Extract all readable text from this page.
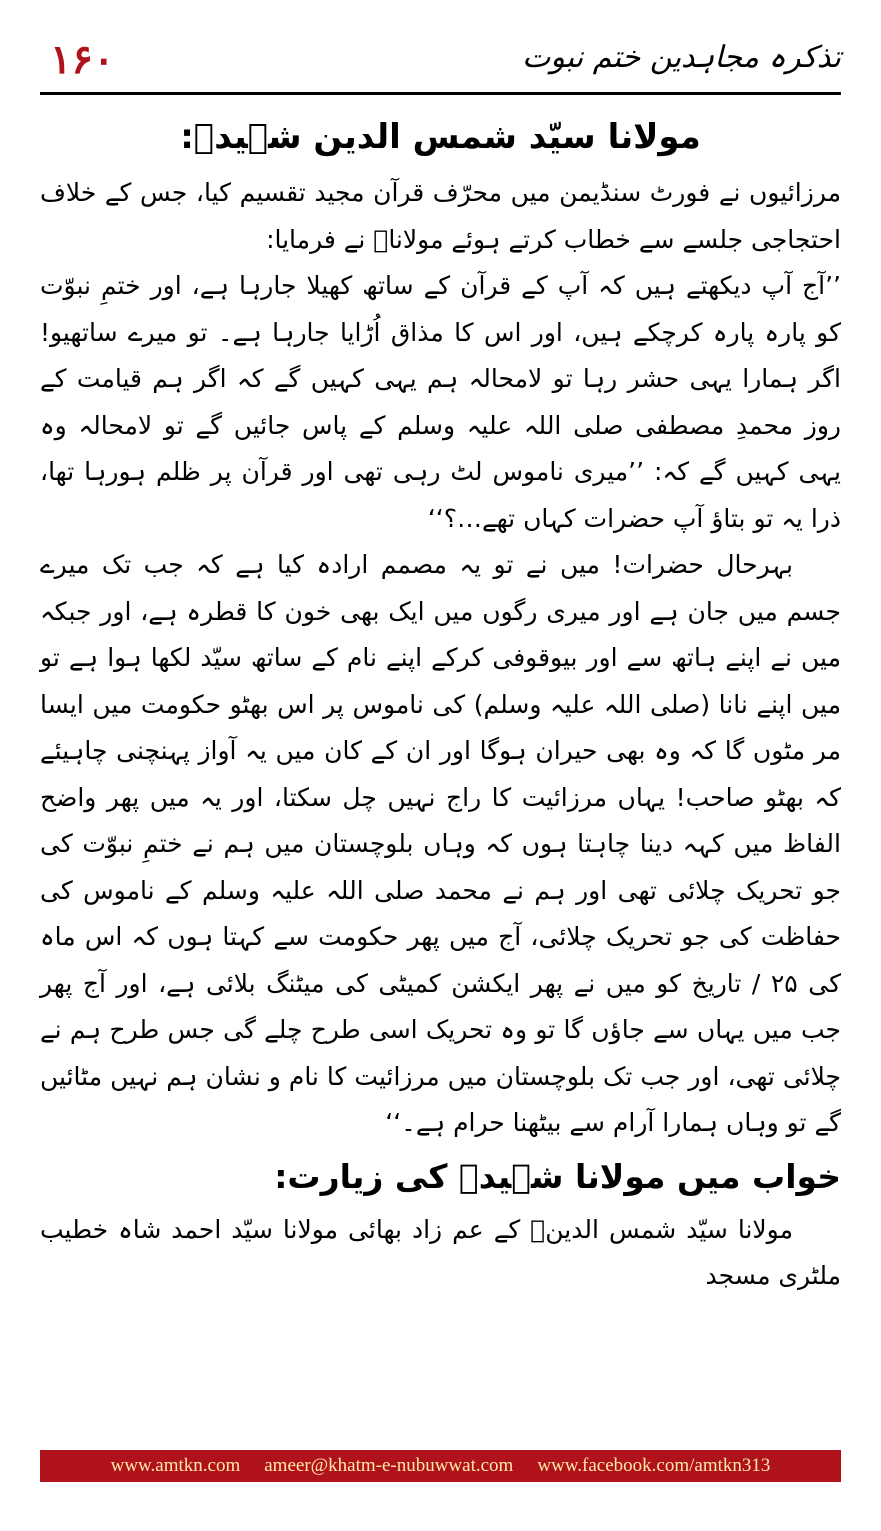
۱۶۰	تذکرہ مجاہدین ختم نبوت
مولانا سیّد شمس الدین شہیدؒ:

مرزائیوں نے فورٹ سنڈیمن میں محرّف قرآن مجید تقسیم کیا، جس کے خلاف احتجاجی جلسے سے خطاب کرتے ہوئے مولاناؒ نے فرمایا:

’’آج آپ دیکھتے ہیں کہ آپ کے قرآن کے ساتھ کھیلا جارہا ہے، اور ختمِ نبوّت کو پارہ پارہ کرچکے ہیں، اور اس کا مذاق اُڑایا جارہا ہے۔ تو میرے ساتھیو! اگر ہمارا یہی حشر رہا تو لامحالہ ہم یہی کہیں گے کہ اگر ہم قیامت کے روز محمدِ مصطفی صلی اللہ علیہ وسلم کے پاس جائیں گے تو لامحالہ وہ یہی کہیں گے کہ: ’’میری ناموس لٹ رہی تھی اور قرآن پر ظلم ہورہا تھا، ذرا یہ تو بتاؤ آپ حضرات کہاں تھے…؟‘‘

بہرحال حضرات! میں نے تو یہ مصمم ارادہ کیا ہے کہ جب تک میرے جسم میں جان ہے اور میری رگوں میں ایک بھی خون کا قطرہ ہے، اور جبکہ میں نے اپنے ہاتھ سے اور بیوقوفی کرکے اپنے نام کے ساتھ سیّد لکھا ہوا ہے تو میں اپنے نانا (صلی اللہ علیہ وسلم) کی ناموس پر اس بھٹو حکومت میں ایسا مر مٹوں گا کہ وہ بھی حیران ہوگا اور ان کے کان میں یہ آواز پہنچنی چاہیئے کہ بھٹو صاحب! یہاں مرزائیت کا راج نہیں چل سکتا، اور یہ میں پھر واضح الفاظ میں کہہ دینا چاہتا ہوں کہ وہاں بلوچستان میں ہم نے ختمِ نبوّت کی جو تحریک چلائی تھی اور ہم نے محمد صلی اللہ علیہ وسلم کے ناموس کی حفاظت کی جو تحریک چلائی، آج میں پھر حکومت سے کہتا ہوں کہ اس ماہ کی ۲۵ / تاریخ کو میں نے پھر ایکشن کمیٹی کی میٹنگ بلائی ہے، اور آج پھر جب میں یہاں سے جاؤں گا تو وہ تحریک اسی طرح چلے گی جس طرح ہم نے چلائی تھی، اور جب تک بلوچستان میں مرزائیت کا نام و نشان ہم نہیں مٹائیں گے تو وہاں ہمارا آرام سے بیٹھنا حرام ہے۔‘‘

خواب میں مولانا شہیدؒ کی زیارت:

مولانا سیّد شمس الدینؒ کے عم زاد بھائی مولانا سیّد احمد شاہ خطیب ملٹری مسجد

www.amtkn.com ameer@khatm-e-nubuwwat.com www.facebook.com/amtkn313
